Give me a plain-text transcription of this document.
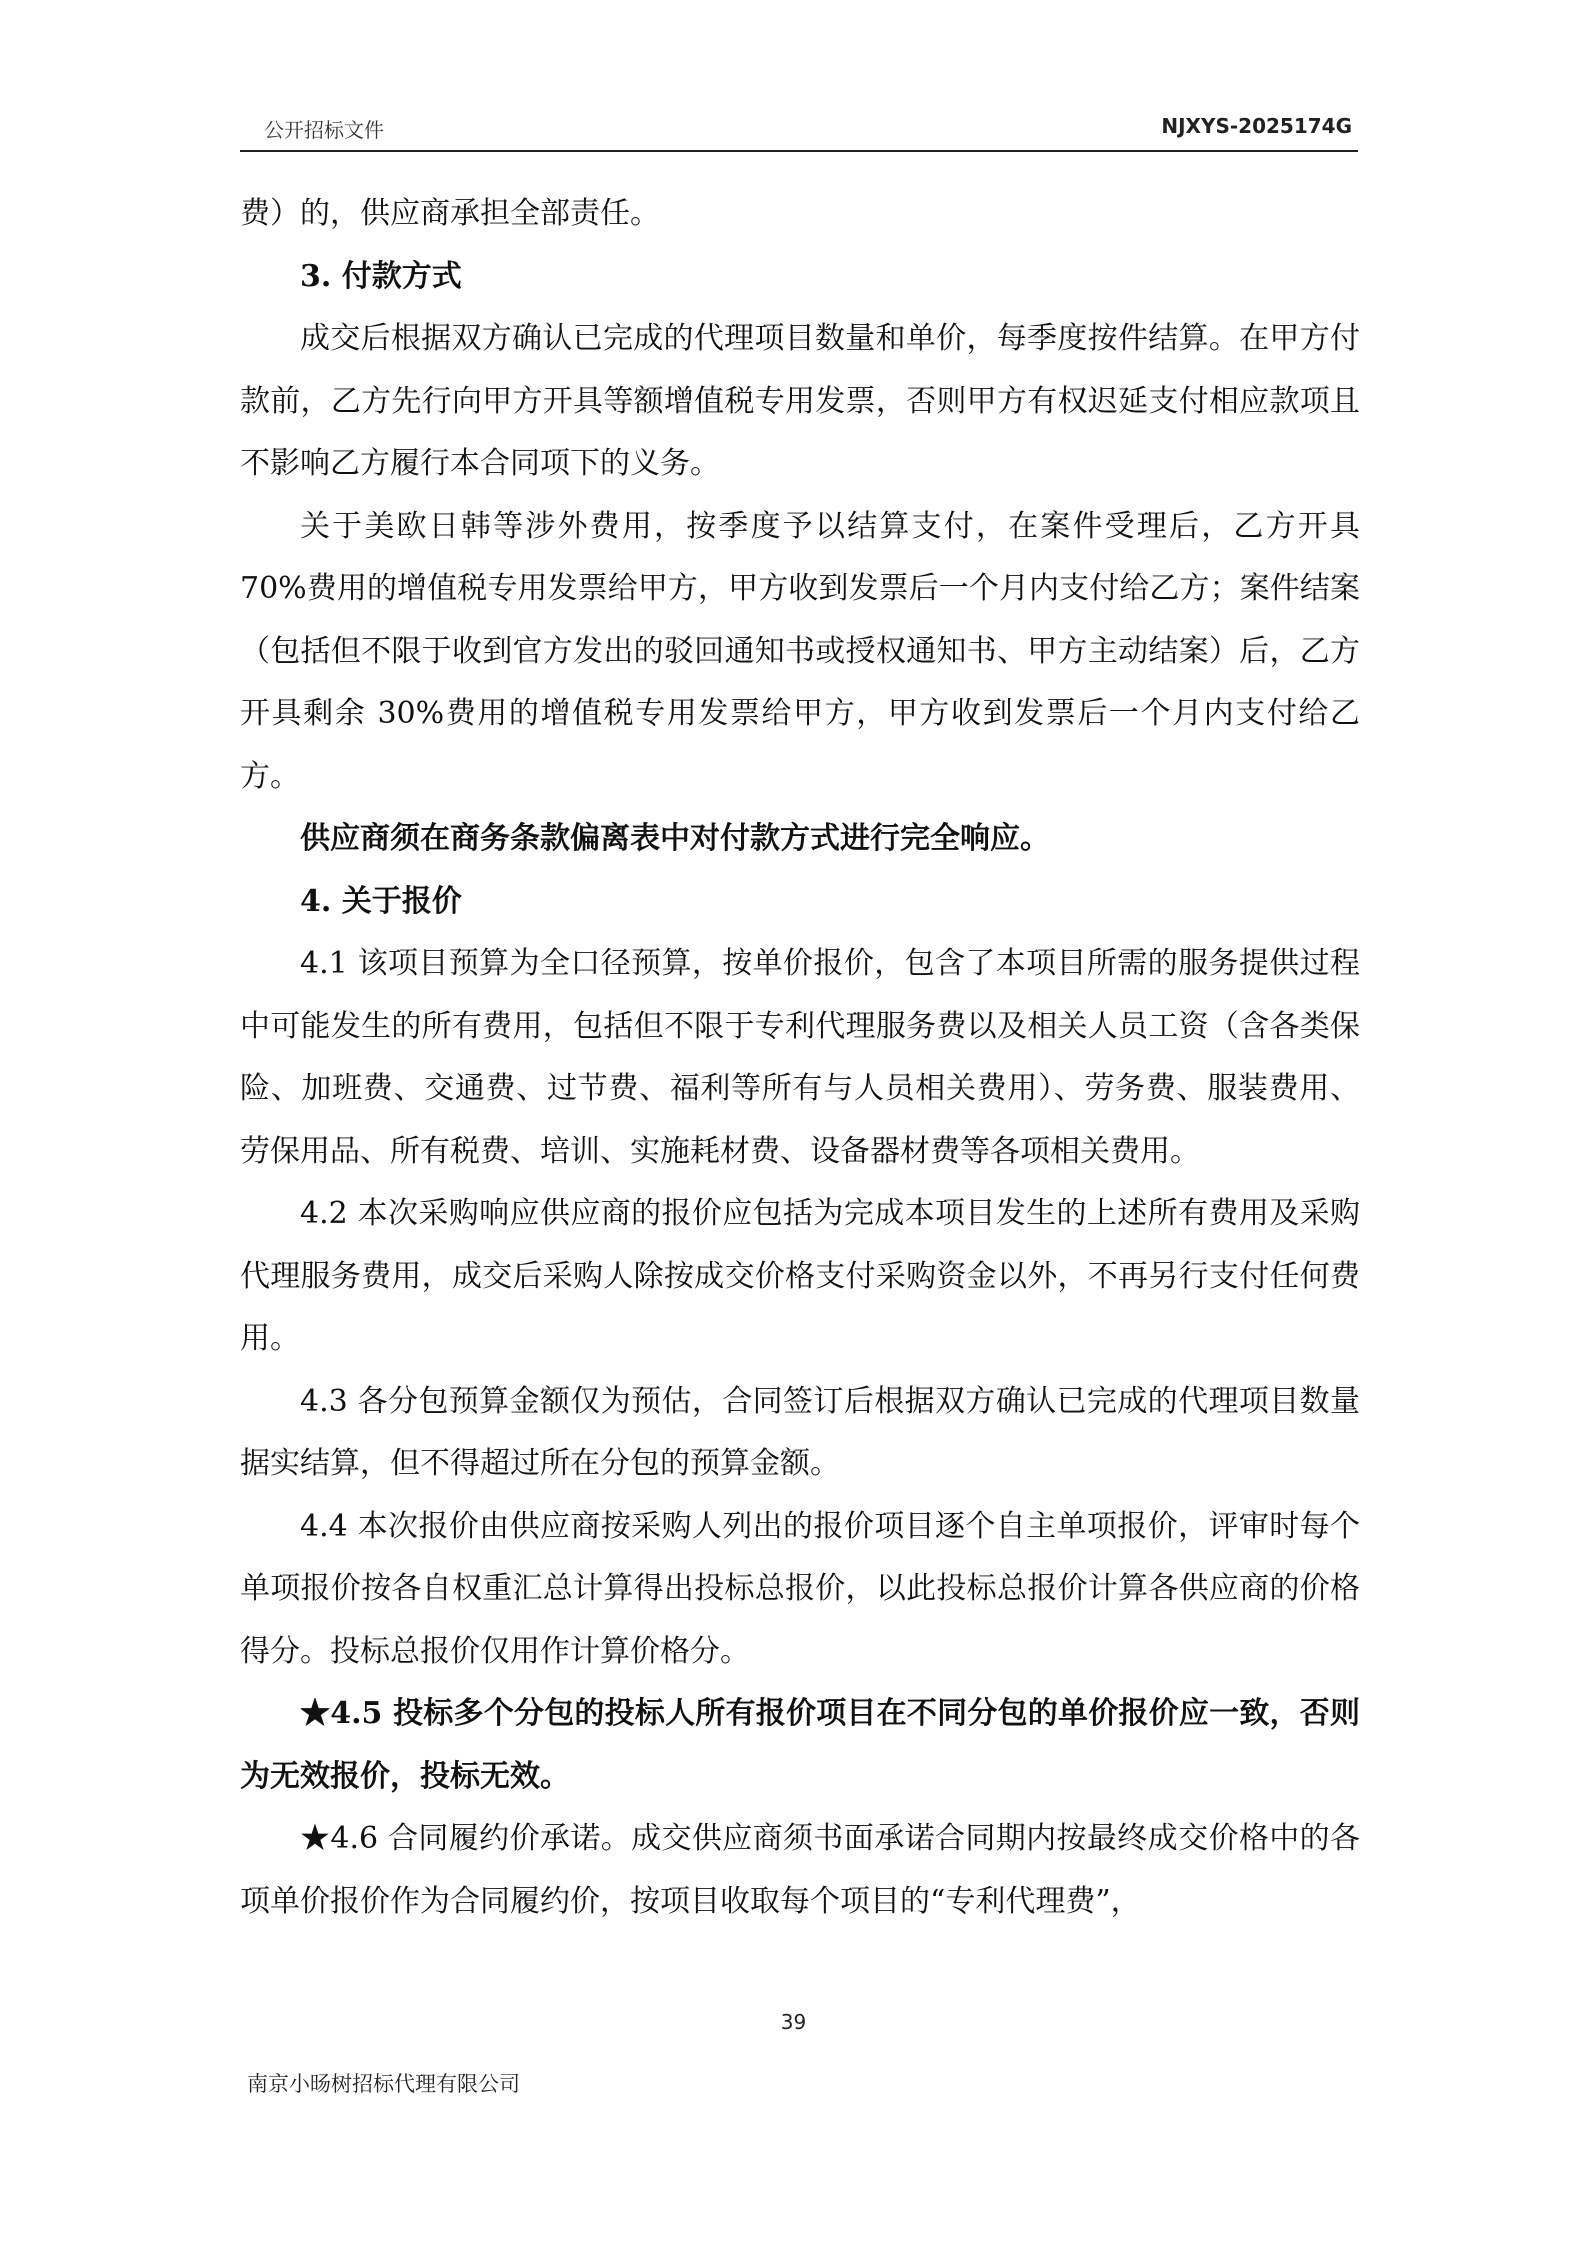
公开招标文件	NJXYS-2025174G

费）的，供应商承担全部责任。

3. 付款方式

成交后根据双方确认已完成的代理项目数量和单价，每季度按件结算。在甲方付款前，乙方先行向甲方开具等额增值税专用发票，否则甲方有权迟延支付相应款项且不影响乙方履行本合同项下的义务。

关于美欧日韩等涉外费用，按季度予以结算支付，在案件受理后，乙方开具 70%费用的增值税专用发票给甲方，甲方收到发票后一个月内支付给乙方；案件结案（包括但不限于收到官方发出的驳回通知书或授权通知书、甲方主动结案）后，乙方开具剩余 30%费用的增值税专用发票给甲方，甲方收到发票后一个月内支付给乙方。

供应商须在商务条款偏离表中对付款方式进行完全响应。

4. 关于报价

4.1 该项目预算为全口径预算，按单价报价，包含了本项目所需的服务提供过程中可能发生的所有费用，包括但不限于专利代理服务费以及相关人员工资（含各类保险、加班费、交通费、过节费、福利等所有与人员相关费用）、劳务费、服装费用、劳保用品、所有税费、培训、实施耗材费、设备器材费等各项相关费用。

4.2 本次采购响应供应商的报价应包括为完成本项目发生的上述所有费用及采购代理服务费用，成交后采购人除按成交价格支付采购资金以外，不再另行支付任何费用。

4.3 各分包预算金额仅为预估，合同签订后根据双方确认已完成的代理项目数量据实结算，但不得超过所在分包的预算金额。

4.4 本次报价由供应商按采购人列出的报价项目逐个自主单项报价，评审时每个单项报价按各自权重汇总计算得出投标总报价，以此投标总报价计算各供应商的价格得分。投标总报价仅用作计算价格分。

★4.5 投标多个分包的投标人所有报价项目在不同分包的单价报价应一致，否则为无效报价，投标无效。

★4.6 合同履约价承诺。成交供应商须书面承诺合同期内按最终成交价格中的各项单价报价作为合同履约价，按项目收取每个项目的“专利代理费”，

39
南京小旸树招标代理有限公司
